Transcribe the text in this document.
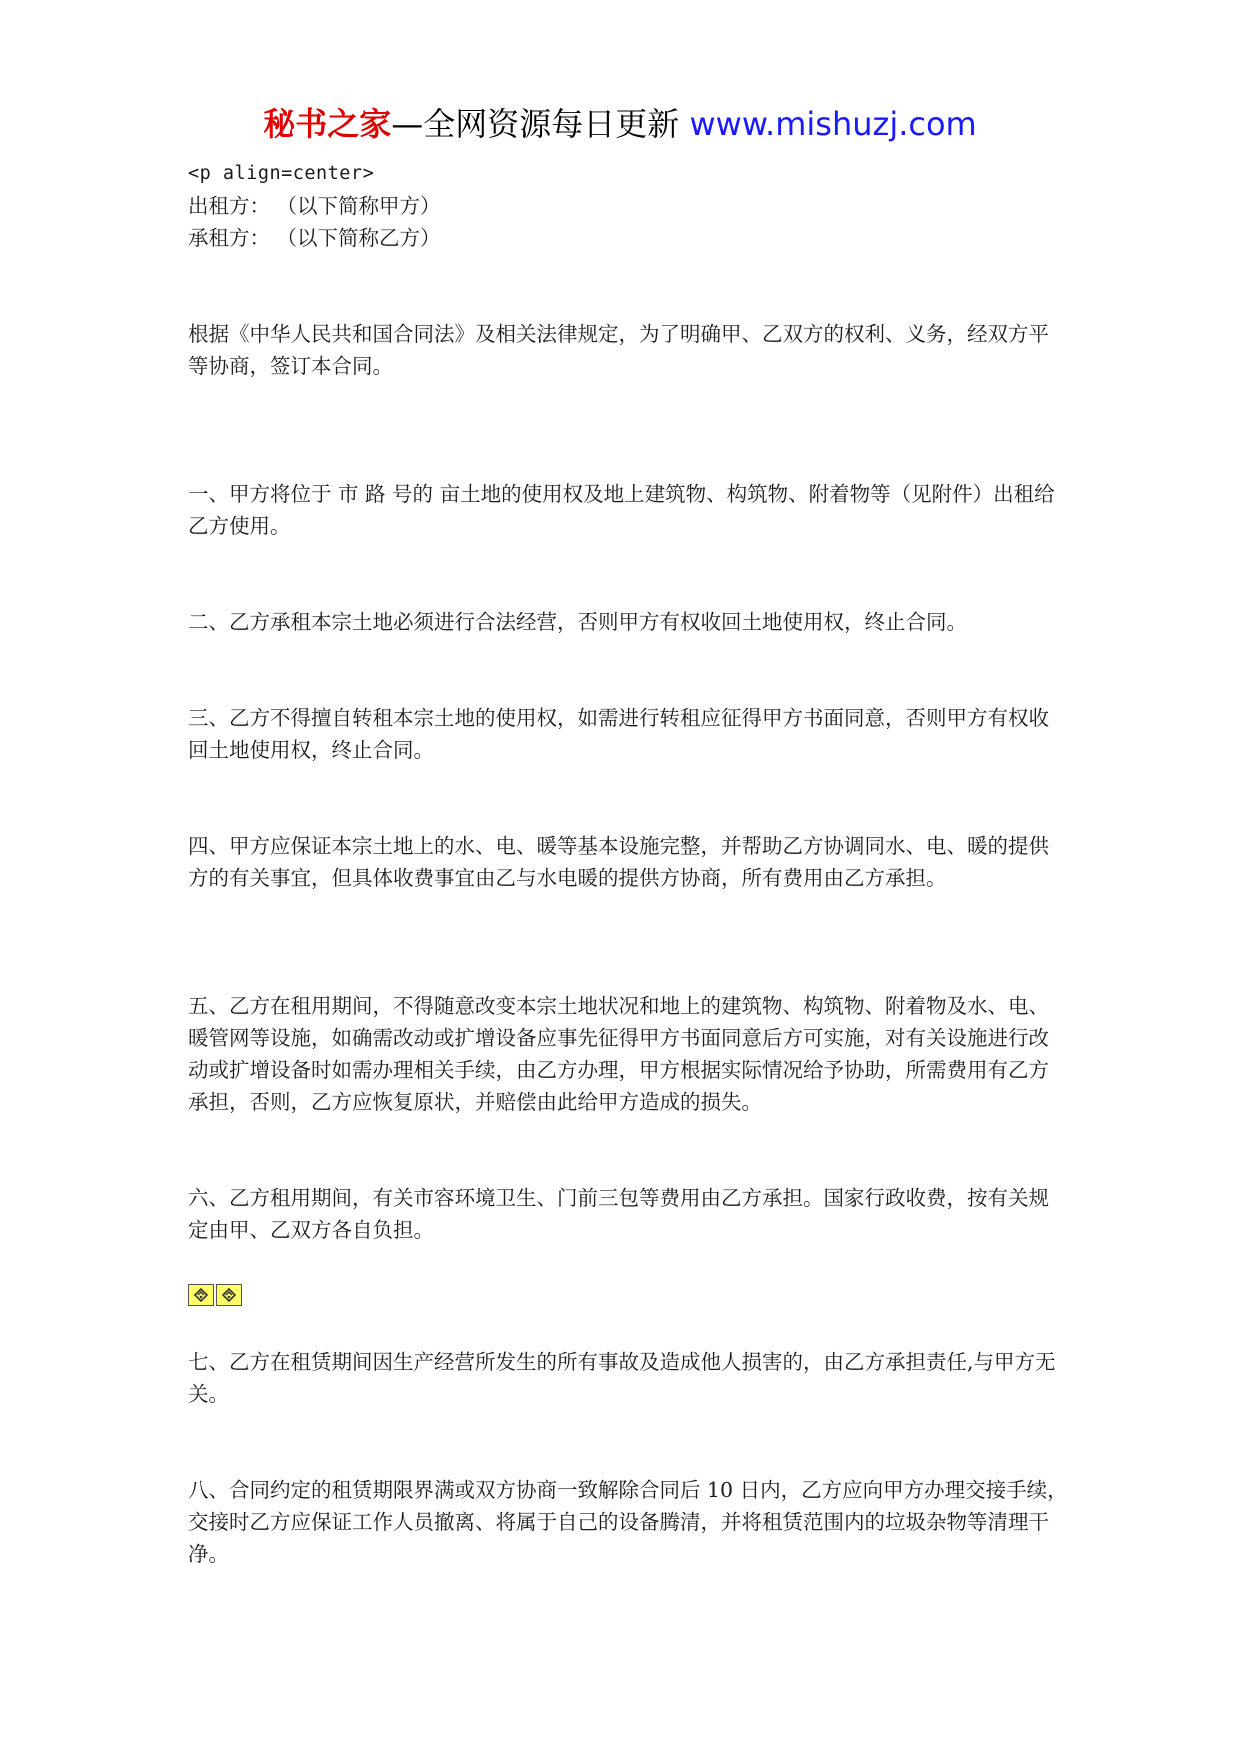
秘书之家—全网资源每日更新 www.mishuzj.com

<p align=center>

出租方： （以下简称甲方）

承租方： （以下简称乙方）

根据《中华人民共和国合同法》及相关法律规定，为了明确甲、乙双方的权利、义务，经双方平等协商，签订本合同。

一、甲方将位于 市 路 号的 亩土地的使用权及地上建筑物、构筑物、附着物等（见附件）出租给乙方使用。

二、乙方承租本宗土地必须进行合法经营，否则甲方有权收回土地使用权，终止合同。

三、乙方不得擅自转租本宗土地的使用权，如需进行转租应征得甲方书面同意，否则甲方有权收回土地使用权，终止合同。

四、甲方应保证本宗土地上的水、电、暖等基本设施完整，并帮助乙方协调同水、电、暖的提供方的有关事宜，但具体收费事宜由乙与水电暖的提供方协商，所有费用由乙方承担。

五、乙方在租用期间，不得随意改变本宗土地状况和地上的建筑物、构筑物、附着物及水、电、暖管网等设施，如确需改动或扩增设备应事先征得甲方书面同意后方可实施，对有关设施进行改动或扩增设备时如需办理相关手续，由乙方办理，甲方根据实际情况给予协助，所需费用有乙方承担，否则，乙方应恢复原状，并赔偿由此给甲方造成的损失。

六、乙方租用期间，有关市容环境卫生、门前三包等费用由乙方承担。国家行政收费，按有关规定由甲、乙双方各自负担。

七、乙方在租赁期间因生产经营所发生的所有事故及造成他人损害的，由乙方承担责任,与甲方无关。

八、合同约定的租赁期限界满或双方协商一致解除合同后 10 日内，乙方应向甲方办理交接手续，交接时乙方应保证工作人员撤离、将属于自己的设备腾清，并将租赁范围内的垃圾杂物等清理干净。
